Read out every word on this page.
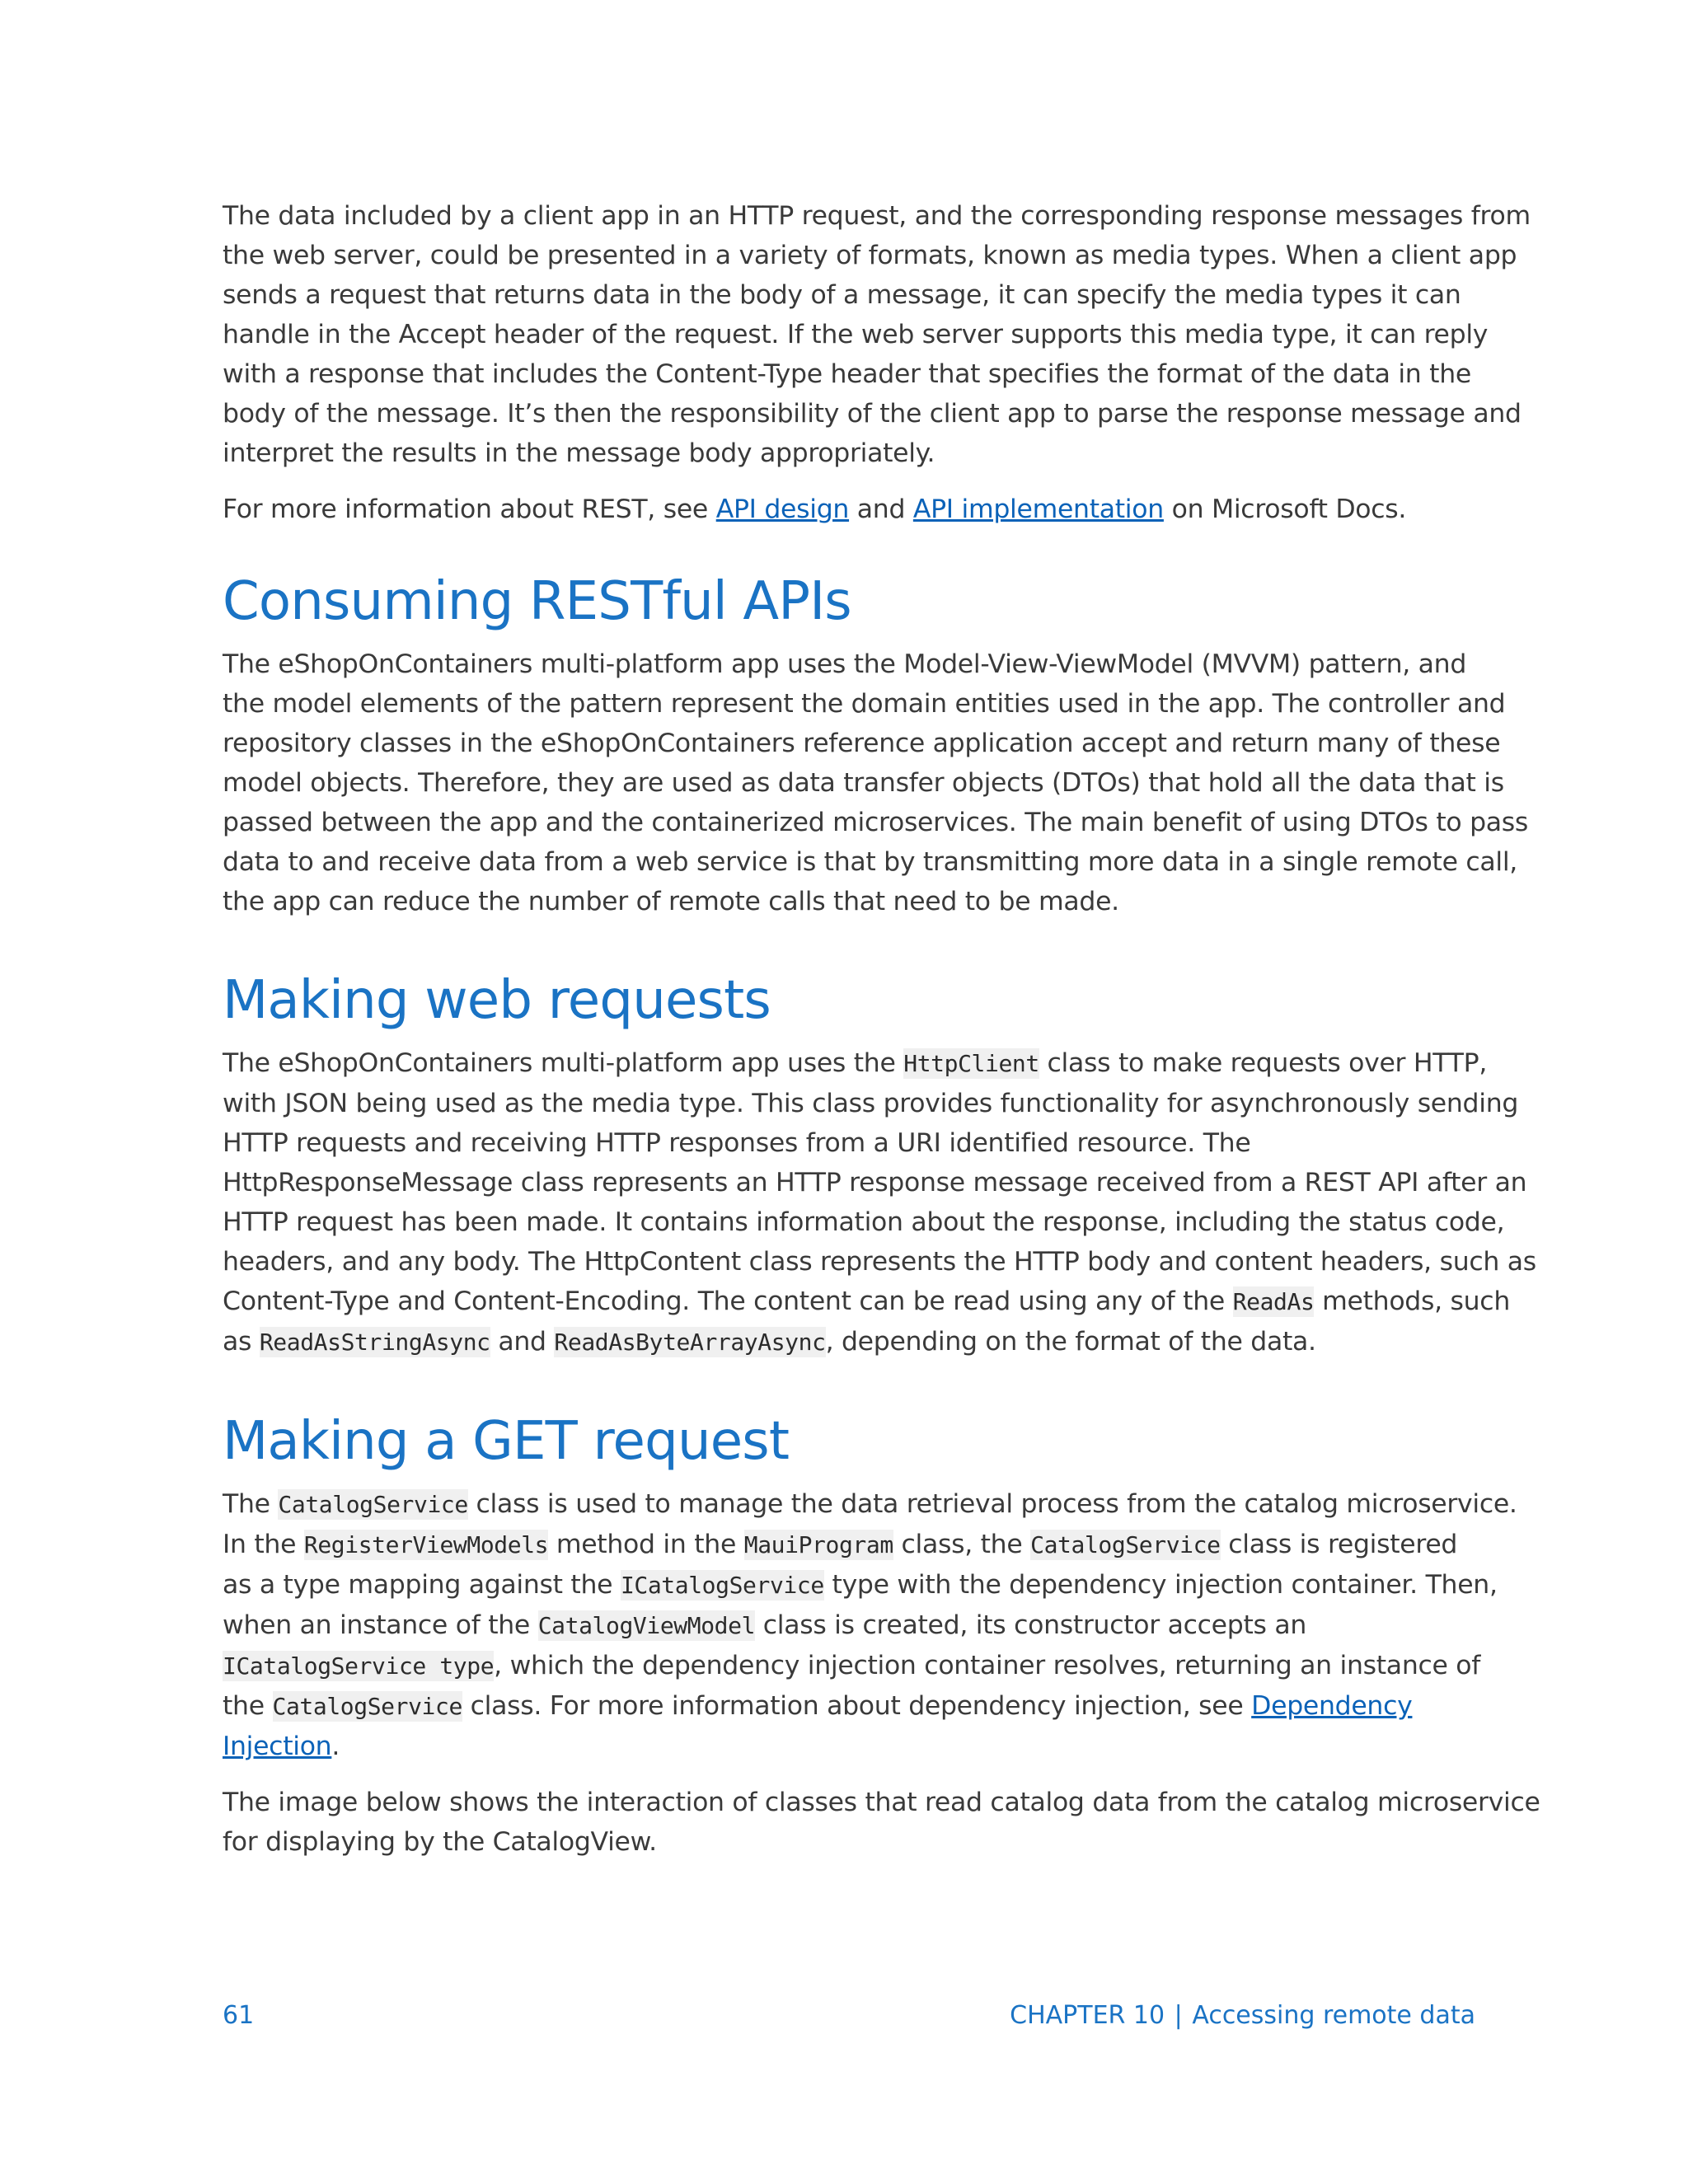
The data included by a client app in an HTTP request, and the corresponding response messages from
the web server, could be presented in a variety of formats, known as media types. When a client app
sends a request that returns data in the body of a message, it can specify the media types it can
handle in the Accept header of the request. If the web server supports this media type, it can reply
with a response that includes the Content-Type header that specifies the format of the data in the
body of the message. It’s then the responsibility of the client app to parse the response message and
interpret the results in the message body appropriately.

For more information about REST, see API design and API implementation on Microsoft Docs.

Consuming RESTful APIs

The eShopOnContainers multi-platform app uses the Model-View-ViewModel (MVVM) pattern, and
the model elements of the pattern represent the domain entities used in the app. The controller and
repository classes in the eShopOnContainers reference application accept and return many of these
model objects. Therefore, they are used as data transfer objects (DTOs) that hold all the data that is
passed between the app and the containerized microservices. The main benefit of using DTOs to pass
data to and receive data from a web service is that by transmitting more data in a single remote call,
the app can reduce the number of remote calls that need to be made.

Making web requests

The eShopOnContainers multi-platform app uses the HttpClient class to make requests over HTTP,
with JSON being used as the media type. This class provides functionality for asynchronously sending
HTTP requests and receiving HTTP responses from a URI identified resource. The
HttpResponseMessage class represents an HTTP response message received from a REST API after an
HTTP request has been made. It contains information about the response, including the status code,
headers, and any body. The HttpContent class represents the HTTP body and content headers, such as
Content-Type and Content-Encoding. The content can be read using any of the ReadAs methods, such
as ReadAsStringAsync and ReadAsByteArrayAsync, depending on the format of the data.

Making a GET request

The CatalogService class is used to manage the data retrieval process from the catalog microservice.
In the RegisterViewModels method in the MauiProgram class, the CatalogService class is registered
as a type mapping against the ICatalogService type with the dependency injection container. Then,
when an instance of the CatalogViewModel class is created, its constructor accepts an
ICatalogService type, which the dependency injection container resolves, returning an instance of
the CatalogService class. For more information about dependency injection, see Dependency
Injection.

The image below shows the interaction of classes that read catalog data from the catalog microservice
for displaying by the CatalogView.

61	CHAPTER 10 | Accessing remote data
